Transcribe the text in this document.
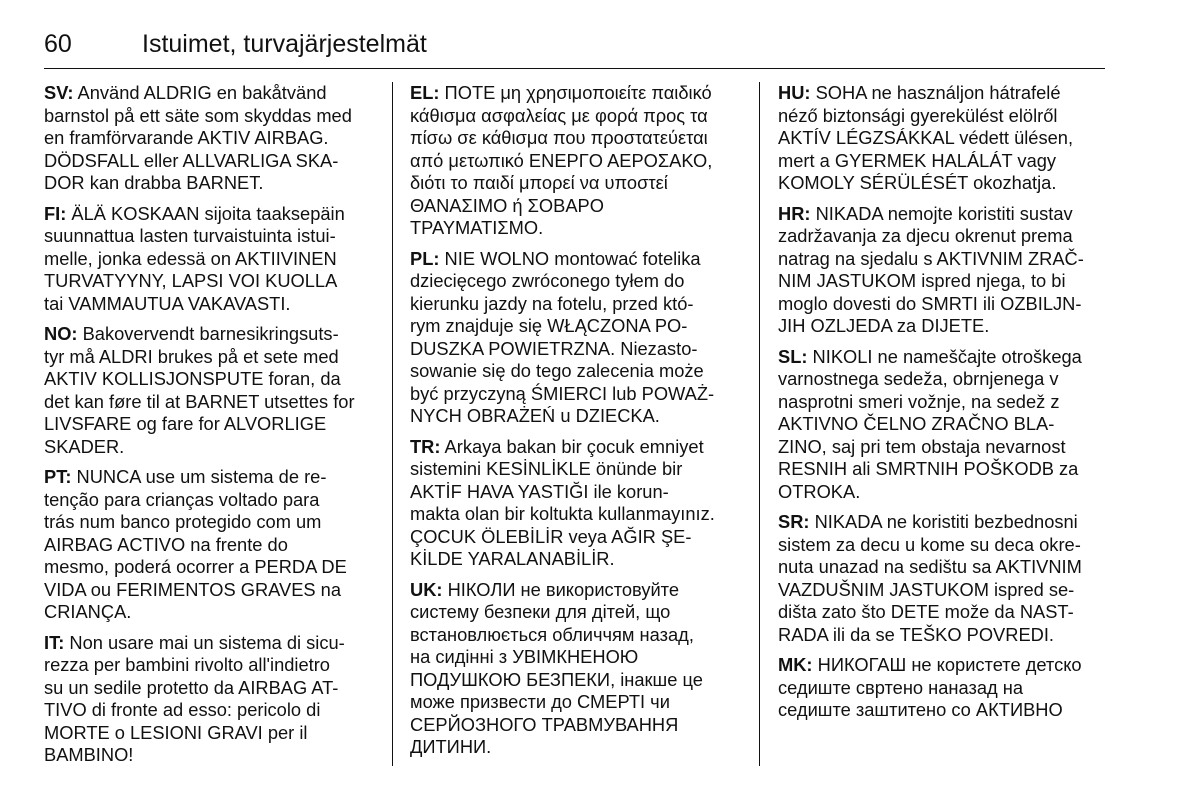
60	Istuimet, turvajärjestelmät
SV: Använd ALDRIG en bakåtvänd
barnstol på ett säte som skyddas med
en framförvarande AKTIV AIRBAG.
DÖDSFALL eller ALLVARLIGA SKA-
DOR kan drabba BARNET.
FI: ÄLÄ KOSKAAN sijoita taaksepäin
suunnattua lasten turvaistuinta istui-
melle, jonka edessä on AKTIIVINEN
TURVATYYNY, LAPSI VOI KUOLLA
tai VAMMAUTUA VAKAVASTI.
NO: Bakovervendt barnesikringsuts-
tyr må ALDRI brukes på et sete med
AKTIV KOLLISJONSPUTE foran, da
det kan føre til at BARNET utsettes for
LIVSFARE og fare for ALVORLIGE
SKADER.
PT: NUNCA use um sistema de re-
tenção para crianças voltado para
trás num banco protegido com um
AIRBAG ACTIVO na frente do
mesmo, poderá ocorrer a PERDA DE
VIDA ou FERIMENTOS GRAVES na
CRIANÇA.
IT: Non usare mai un sistema di sicu-
rezza per bambini rivolto all'indietro
su un sedile protetto da AIRBAG AT-
TIVO di fronte ad esso: pericolo di
MORTE o LESIONI GRAVI per il
BAMBINO!
EL: ΠΟΤΕ μη χρησιμοποιείτε παιδικό
κάθισμα ασφαλείας με φορά προς τα
πίσω σε κάθισμα που προστατεύεται
από μετωπικό ΕΝΕΡΓΟ ΑΕΡΟΣΑΚΟ,
διότι το παιδί μπορεί να υποστεί
ΘΑΝΑΣΙΜΟ ή ΣΟΒΑΡΟ
ΤΡΑΥΜΑΤΙΣΜΟ.
PL: NIE WOLNO montować fotelika
dziecięcego zwróconego tyłem do
kierunku jazdy na fotelu, przed któ-
rym znajduje się WŁĄCZONA PO-
DUSZKA POWIETRZNA. Niezasto-
sowanie się do tego zalecenia może
być przyczyną ŚMIERCI lub POWAŻ-
NYCH OBRAŻEŃ u DZIECKA.
TR: Arkaya bakan bir çocuk emniyet
sistemini KESİNLİKLE önünde bir
AKTİF HAVA YASTIĞI ile korun-
makta olan bir koltukta kullanmayınız.
ÇOCUK ÖLEBİLİR veya AĞIR ŞE-
KİLDE YARALANABİLİR.
UK: НІКОЛИ не використовуйте
систему безпеки для дітей, що
встановлюється обличчям назад,
на сидінні з УВІМКНЕНОЮ
ПОДУШКОЮ БЕЗПЕКИ, інакше це
може призвести до СМЕРТІ чи
СЕРЙОЗНОГО ТРАВМУВАННЯ
ДИТИНИ.
HU: SOHA ne használjon hátrafelé
néző biztonsági gyerekülést elölről
AKTÍV LÉGZSÁKKAL védett ülésen,
mert a GYERMEK HALÁLÁT vagy
KOMOLY SÉRÜLÉSÉT okozhatja.
HR: NIKADA nemojte koristiti sustav
zadržavanja za djecu okrenut prema
natrag na sjedalu s AKTIVNIM ZRAČ-
NIM JASTUKOM ispred njega, to bi
moglo dovesti do SMRTI ili OZBILJN-
JIH OZLJEDA za DIJETE.
SL: NIKOLI ne nameščajte otroškega
varnostnega sedeža, obrnjenega v
nasprotni smeri vožnje, na sedež z
AKTIVNO ČELNO ZRAČNO BLA-
ZINO, saj pri tem obstaja nevarnost
RESNIH ali SMRTNIH POŠKODB za
OTROKA.
SR: NIKADA ne koristiti bezbednosni
sistem za decu u kome su deca okre-
nuta unazad na sedištu sa AKTIVNIM
VAZDUŠNIM JASTUKOM ispred se-
dišta zato što DETE može da NAST-
RADA ili da se TEŠKO POVREDI.
MK: НИКОГАШ не користете детско
седиште свртено наназад на
седиште заштитено со АКТИВНО
